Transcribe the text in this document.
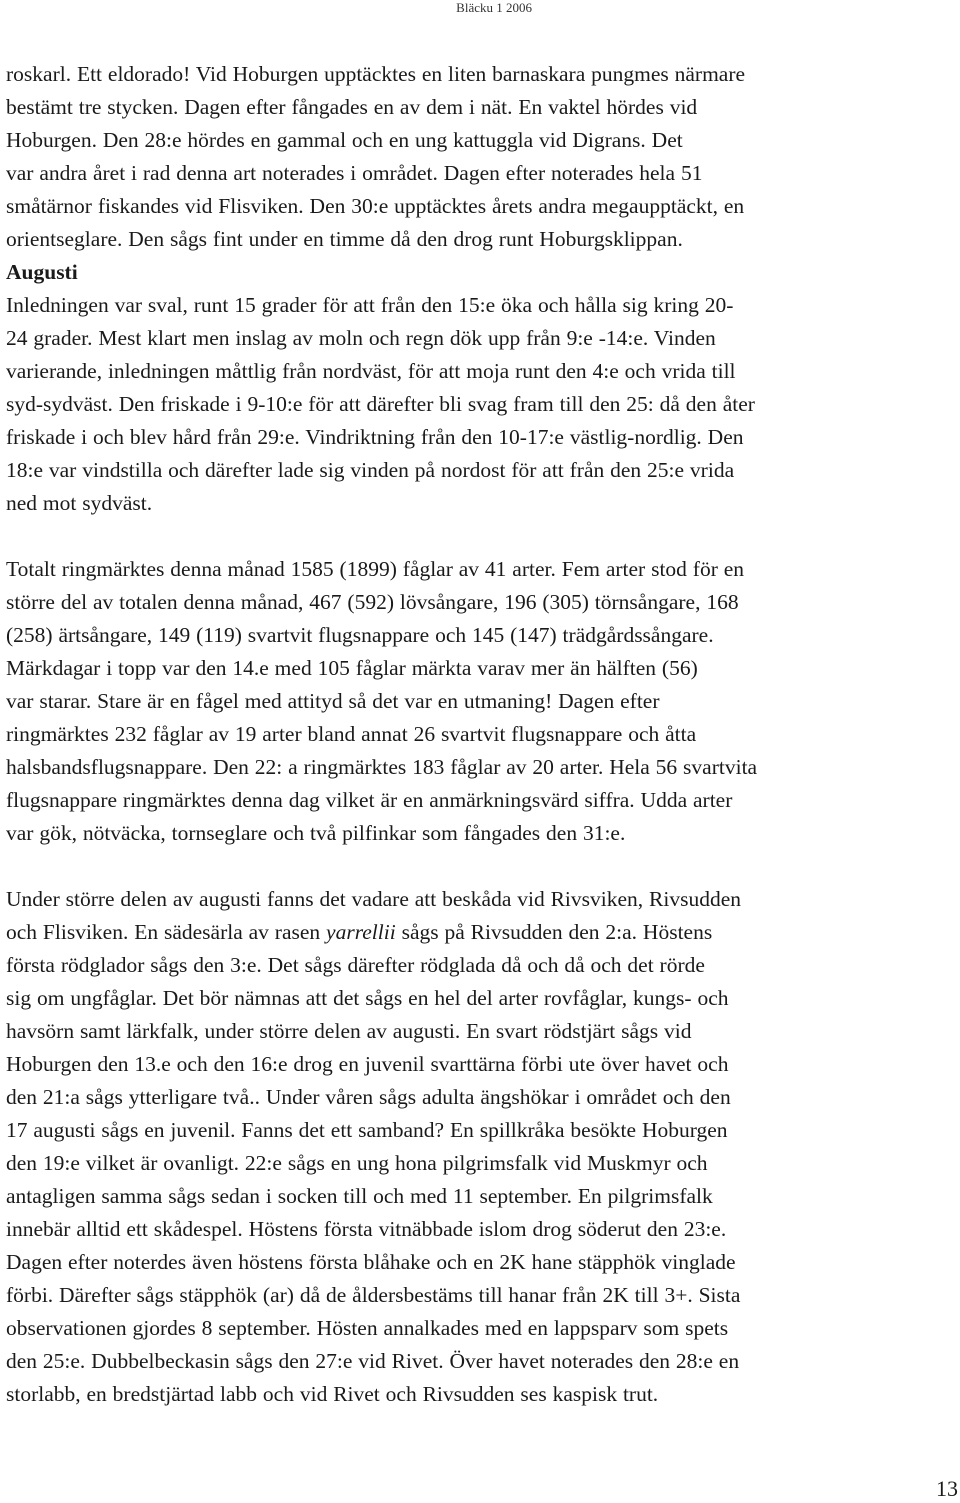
Bläcku 1 2006

roskarl. Ett eldorado! Vid Hoburgen upptäcktes en liten barnaskara pungmes närmare
bestämt tre stycken. Dagen efter fångades en av dem i nät. En vaktel hördes vid
Hoburgen. Den 28:e hördes en gammal och en ung kattuggla vid Digrans. Det
var andra året i rad denna art noterades i området. Dagen efter noterades hela 51
småtärnor fiskandes vid Flisviken. Den 30:e upptäcktes årets andra megaupptäckt, en
orientseglare. Den sågs fint under en timme då den drog runt Hoburgsklippan.

Augusti

Inledningen var sval, runt 15 grader för att från den 15:e öka och hålla sig kring 20-
24 grader. Mest klart men inslag av moln och regn dök upp från 9:e -14:e. Vinden
varierande, inledningen måttlig från nordväst, för att moja runt den 4:e och vrida till
syd-sydväst. Den friskade i 9-10:e för att därefter bli svag fram till den 25: då den åter
friskade i och blev hård från 29:e. Vindriktning från den 10-17:e västlig-nordlig. Den
18:e var vindstilla och därefter lade sig vinden på nordost för att från den 25:e vrida
ned mot sydväst.

Totalt ringmärktes denna månad 1585 (1899) fåglar av 41 arter. Fem arter stod för en
större del av totalen denna månad, 467 (592) lövsångare, 196 (305) törnsångare, 168
(258) ärtsångare, 149 (119) svartvit flugsnappare och 145 (147) trädgårdssångare.
Märkdagar i topp var den 14.e med 105 fåglar märkta varav mer än hälften (56)
var starar. Stare är en fågel med attityd så det var en utmaning! Dagen efter
ringmärktes 232 fåglar av 19 arter bland annat 26 svartvit flugsnappare och åtta
halsbandsflugsnappare. Den 22: a ringmärktes 183 fåglar av 20 arter. Hela 56 svartvita
flugsnappare ringmärktes denna dag vilket är en anmärkningsvärd siffra. Udda arter
var gök, nötväcka, tornseglare och två pilfinkar som fångades den 31:e.

Under större delen av augusti fanns det vadare att beskåda vid Rivsviken, Rivsudden
och Flisviken. En sädesärla av rasen yarrellii sågs på Rivsudden den 2:a. Höstens
första rödglador sågs den 3:e. Det sågs därefter rödglada då och då och det rörde
sig om ungfåglar. Det bör nämnas att det sågs en hel del arter rovfåglar, kungs- och
havsörn samt lärkfalk, under större delen av augusti. En svart rödstjärt sågs vid
Hoburgen den 13.e och den 16:e drog en juvenil svarttärna förbi ute över havet och
den 21:a sågs ytterligare två.. Under våren sågs adulta ängshökar i området och den
17 augusti sågs en juvenil. Fanns det ett samband? En spillkråka besökte Hoburgen
den 19:e vilket är ovanligt. 22:e sågs en ung hona pilgrimsfalk vid Muskmyr och
antagligen samma sågs sedan i socken till och med 11 september. En pilgrimsfalk
innebär alltid ett skådespel. Höstens första vitnäbbade islom drog söderut den 23:e.
Dagen efter noterdes även höstens första blåhake och en 2K hane stäpphök vinglade
förbi. Därefter sågs stäpphök (ar) då de åldersbestäms till hanar från 2K till 3+. Sista
observationen gjordes 8 september. Hösten annalkades med en lappsparv som spets
den 25:e. Dubbelbeckasin sågs den 27:e vid Rivet. Över havet noterades den 28:e en
storlabb, en bredstjärtad labb och vid Rivet och Rivsudden ses kaspisk trut.

13
